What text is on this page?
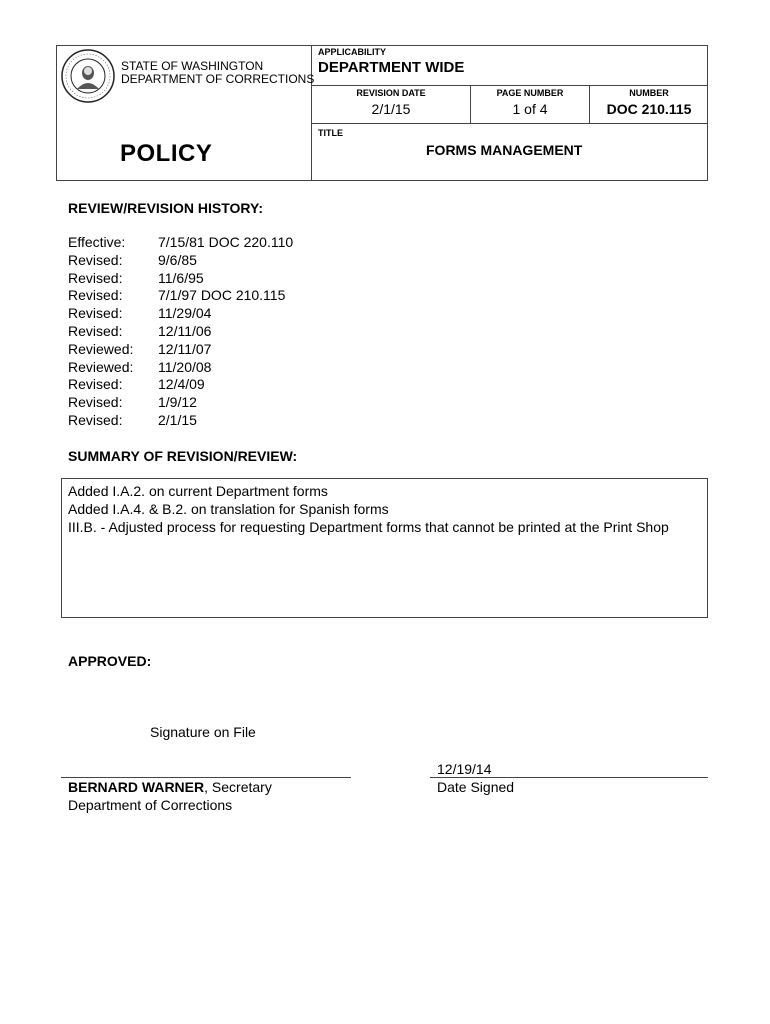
STATE OF WASHINGTON
DEPARTMENT OF CORRECTIONS
POLICY
APPLICABILITY
DEPARTMENT WIDE
REVISION DATE
2/1/15
PAGE NUMBER
1 of 4
NUMBER
DOC 210.115
TITLE
FORMS MANAGEMENT
REVIEW/REVISION HISTORY:
Effective:	7/15/81 DOC 220.110
Revised:	9/6/85
Revised:	11/6/95
Revised:	7/1/97 DOC 210.115
Revised:	11/29/04
Revised:	12/11/06
Reviewed:	12/11/07
Reviewed:	11/20/08
Revised:	12/4/09
Revised:	1/9/12
Revised:	2/1/15
SUMMARY OF REVISION/REVIEW:

Added I.A.2. on current Department forms

Added I.A.4. & B.2. on translation for Spanish forms

III.B. - Adjusted process for requesting Department forms that cannot be printed at the Print Shop

APPROVED:
Signature on File
BERNARD WARNER, Secretary
Department of Corrections
12/19/14
Date Signed
